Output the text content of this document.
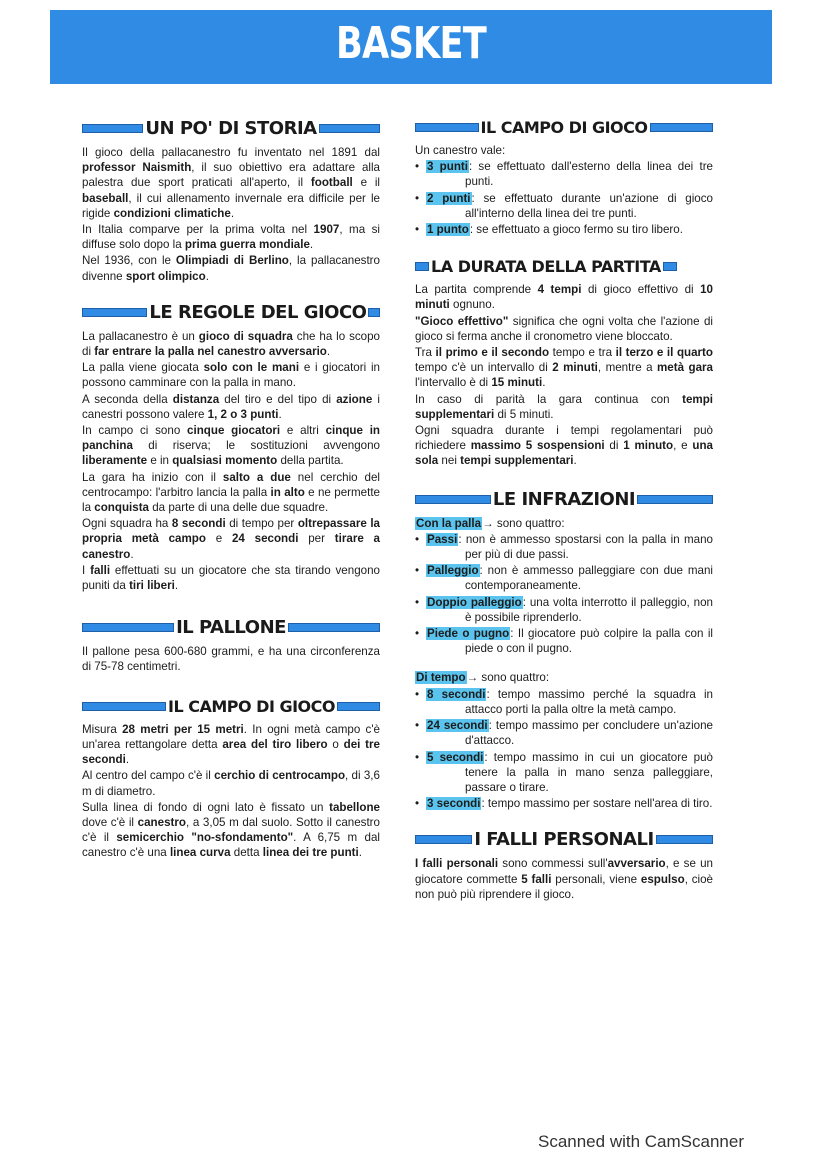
BASKET
UN PO' DI STORIA

Il gioco della pallacanestro fu inventato nel 1891 dal professor Naismith, il suo obiettivo era adattare alla palestra due sport praticati all'aperto, il football e il baseball, il cui allenamento invernale era difficile per le rigide condizioni climatiche.

In Italia comparve per la prima volta nel 1907, ma si diffuse solo dopo la prima guerra mondiale.

Nel 1936, con le Olimpiadi di Berlino, la pallacanestro divenne sport olimpico.

LE REGOLE DEL GIOCO

La pallacanestro è un gioco di squadra che ha lo scopo di far entrare la palla nel canestro avversario.

La palla viene giocata solo con le mani e i giocatori in possono camminare con la palla in mano.

A seconda della distanza del tiro e del tipo di azione i canestri possono valere 1, 2 o 3 punti.

In campo ci sono cinque giocatori e altri cinque in panchina di riserva; le sostituzioni avvengono liberamente e in qualsiasi momento della partita.

La gara ha inizio con il salto a due nel cerchio del centrocampo: l'arbitro lancia la palla in alto e ne permette la conquista da parte di una delle due squadre.

Ogni squadra ha 8 secondi di tempo per oltrepassare la propria metà campo e 24 secondi per tirare a canestro.

I falli effettuati su un giocatore che sta tirando vengono puniti da tiri liberi.

IL PALLONE

Il pallone pesa 600-680 grammi, e ha una circonferenza di 75-78 centimetri.

IL CAMPO DI GIOCO

Misura 28 metri per 15 metri. In ogni metà campo c'è un'area rettangolare detta area del tiro libero o dei tre secondi.

Al centro del campo c'è il cerchio di centrocampo, di 3,6 m di diametro.

Sulla linea di fondo di ogni lato è fissato un tabellone dove c'è il canestro, a 3,05 m dal suolo. Sotto il canestro c'è il semicerchio "no-sfondamento". A 6,75 m dal canestro c'è una linea curva detta linea dei tre punti.

IL CAMPO DI GIOCO

Un canestro vale:

• 3 punti: se effettuato dall'esterno della linea dei tre punti.
• 2 punti: se effettuato durante un'azione di gioco all'interno della linea dei tre punti.
• 1 punto: se effettuato a gioco fermo su tiro libero.
LA DURATA DELLA PARTITA

La partita comprende 4 tempi di gioco effettivo di 10 minuti ognuno.

"Gioco effettivo" significa che ogni volta che l'azione di gioco si ferma anche il cronometro viene bloccato.

Tra il primo e il secondo tempo e tra il terzo e il quarto tempo c'è un intervallo di 2 minuti, mentre a metà gara l'intervallo è di 15 minuti.

In caso di parità la gara continua con tempi supplementari di 5 minuti.

Ogni squadra durante i tempi regolamentari può richiedere massimo 5 sospensioni di 1 minuto, e una sola nei tempi supplementari.

LE INFRAZIONI

Con la palla→ sono quattro:

• Passi: non è ammesso spostarsi con la palla in mano per più di due passi.
• Palleggio: non è ammesso palleggiare con due mani contemporaneamente.
• Doppio palleggio: una volta interrotto il palleggio, non è possibile riprenderlo.
• Piede o pugno: Il giocatore può colpire la palla con il piede o con il pugno.

Di tempo→ sono quattro:

• 8 secondi: tempo massimo perché la squadra in attacco porti la palla oltre la metà campo.
• 24 secondi: tempo massimo per concludere un'azione d'attacco.
• 5 secondi: tempo massimo in cui un giocatore può tenere la palla in mano senza palleggiare, passare o tirare.
• 3 secondi: tempo massimo per sostare nell'area di tiro.
I FALLI PERSONALI

I falli personali sono commessi sull'avversario, e se un giocatore commette 5 falli personali, viene espulso, cioè non può più riprendere il gioco.

Scanned with CamScanner
